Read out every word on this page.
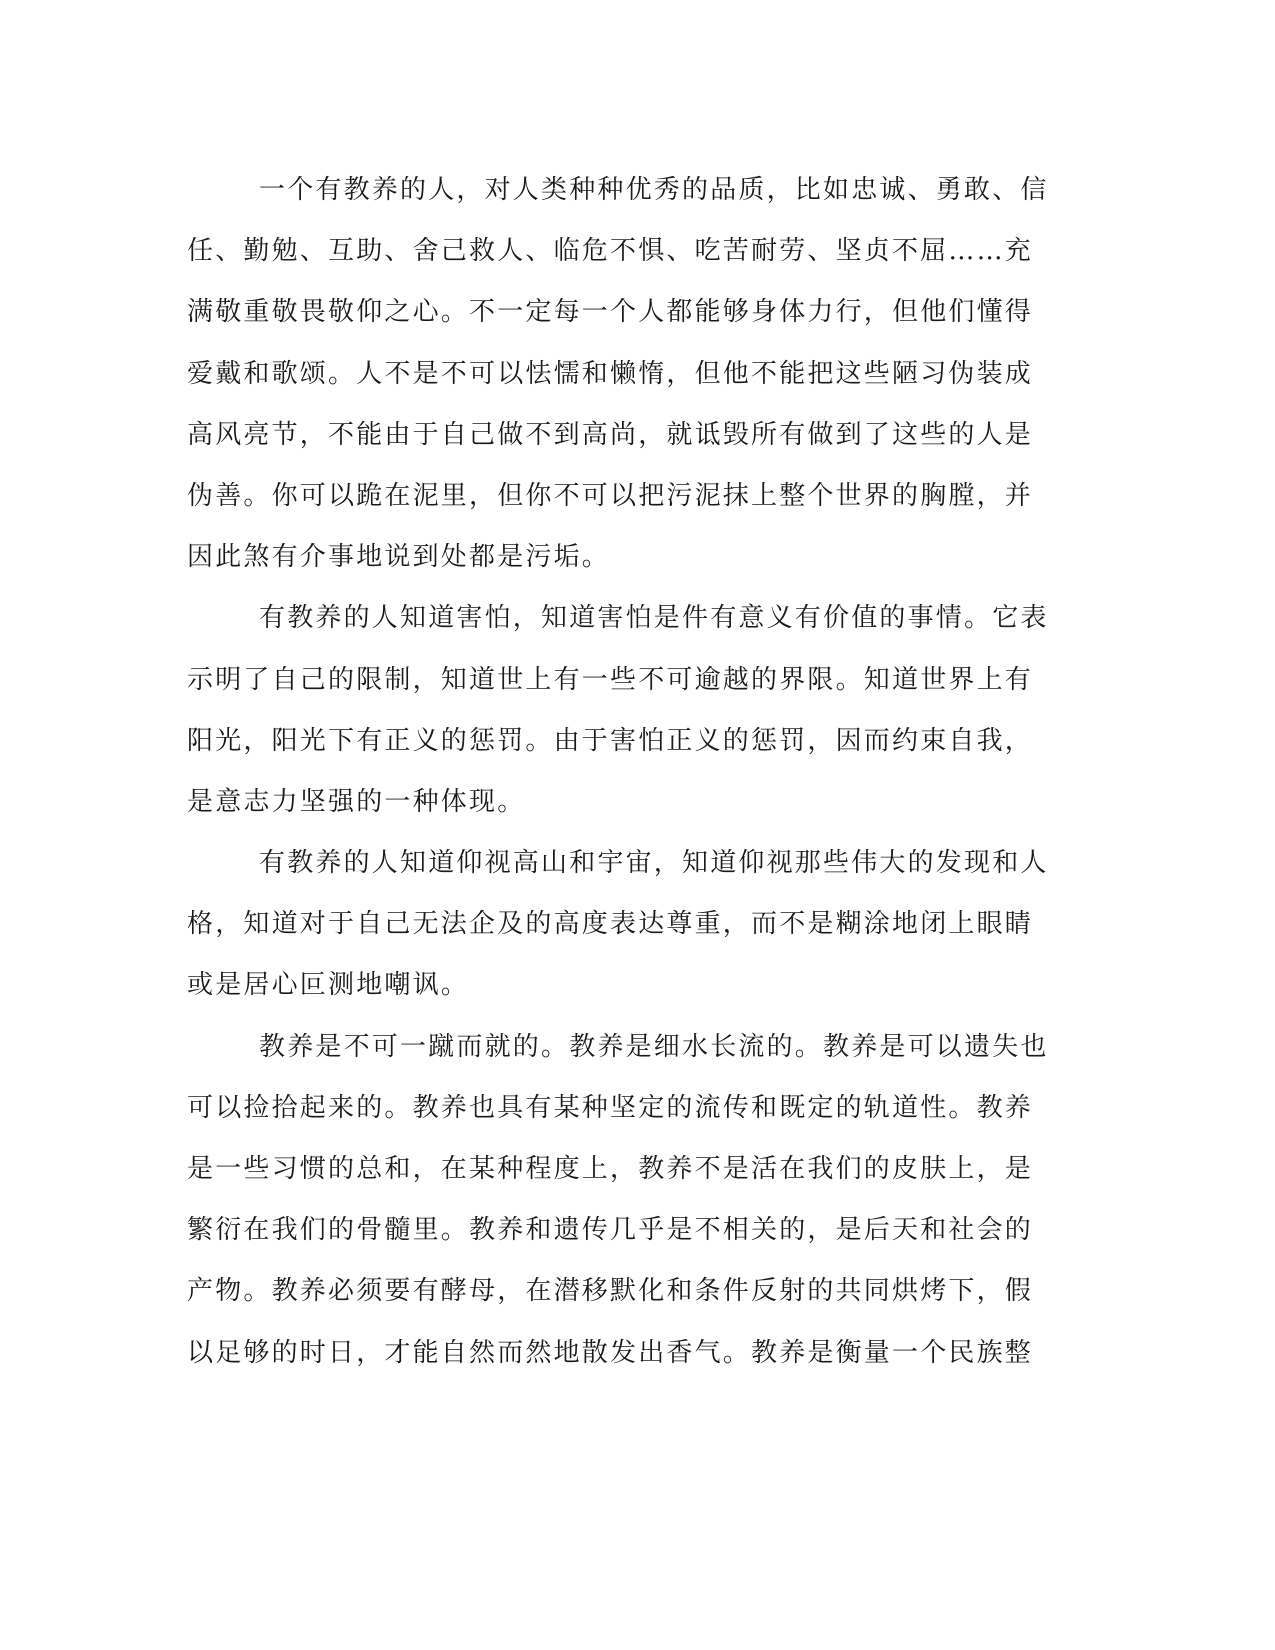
一个有教养的人，对人类种种优秀的品质，比如忠诚、勇敢、信
任、勤勉、互助、舍己救人、临危不惧、吃苦耐劳、坚贞不屈……充
满敬重敬畏敬仰之心。不一定每一个人都能够身体力行，但他们懂得
爱戴和歌颂。人不是不可以怯懦和懒惰，但他不能把这些陋习伪装成
高风亮节，不能由于自己做不到高尚，就诋毁所有做到了这些的人是
伪善。你可以跪在泥里，但你不可以把污泥抹上整个世界的胸膛，并
因此煞有介事地说到处都是污垢。
有教养的人知道害怕，知道害怕是件有意义有价值的事情。它表
示明了自己的限制，知道世上有一些不可逾越的界限。知道世界上有
阳光，阳光下有正义的惩罚。由于害怕正义的惩罚，因而约束自我，
是意志力坚强的一种体现。
有教养的人知道仰视高山和宇宙，知道仰视那些伟大的发现和人
格，知道对于自己无法企及的高度表达尊重，而不是糊涂地闭上眼睛
或是居心叵测地嘲讽。
教养是不可一蹴而就的。教养是细水长流的。教养是可以遗失也
可以捡拾起来的。教养也具有某种坚定的流传和既定的轨道性。教养
是一些习惯的总和，在某种程度上，教养不是活在我们的皮肤上，是
繁衍在我们的骨髓里。教养和遗传几乎是不相关的，是后天和社会的
产物。教养必须要有酵母，在潜移默化和条件反射的共同烘烤下，假
以足够的时日，才能自然而然地散发出香气。教养是衡量一个民族整
